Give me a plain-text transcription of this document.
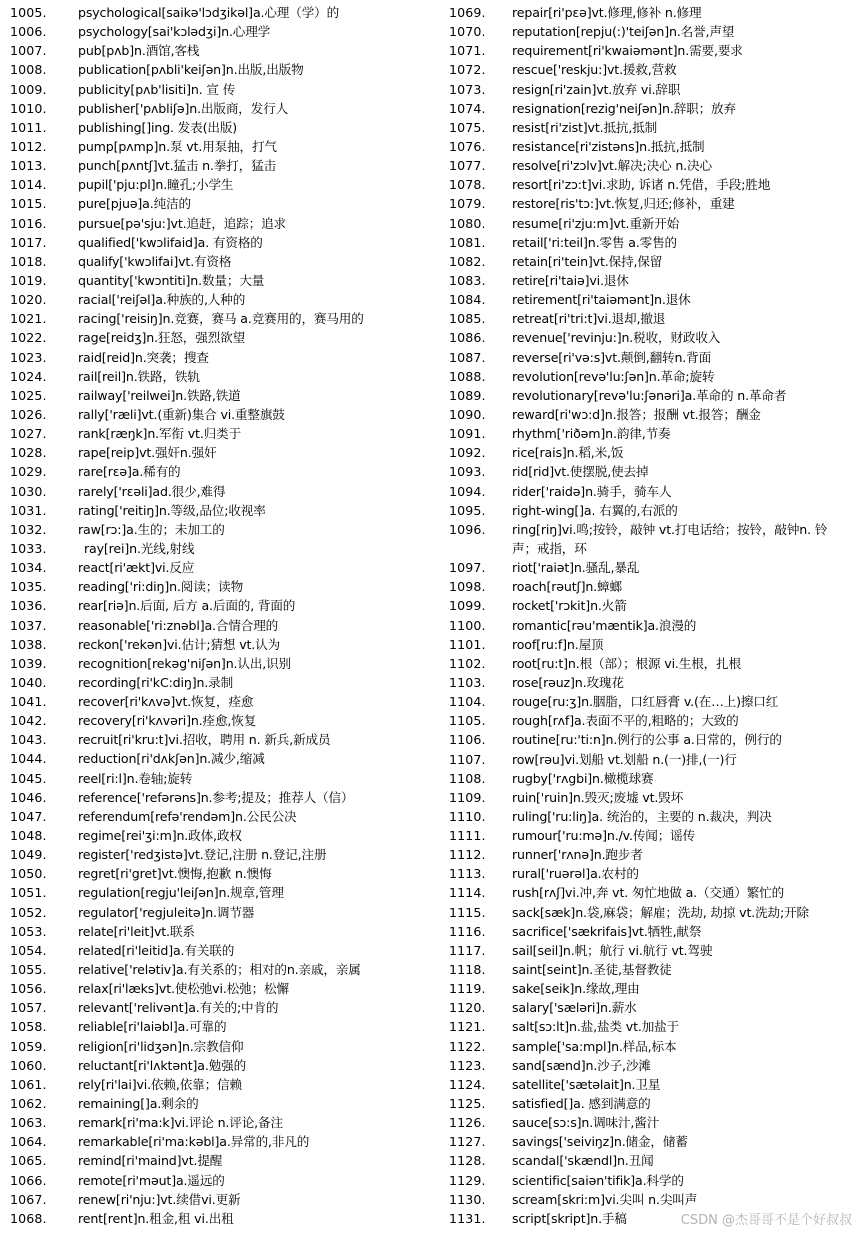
1005. psychological[saikə'lɔdʒikəl]a.心理（学）的
1006. psychology[sai'kɔlədʒi]n.心理学
1007. pub[pʌb]n.酒馆,客栈
1008. publication[pʌbli'keiʃən]n.出版,出版物
1009. publicity[pʌb'lisiti]n. 宣 传
1010. publisher['pʌbliʃə]n.出版商，发行人
1011. publishing[]ing. 发表(出版)
1012. pump[pʌmp]n.泵 vt.用泵抽，打气
1013. punch[pʌntʃ]vt.猛击 n.拳打，猛击
1014. pupil['pju:pl]n.瞳孔;小学生
1015. pure[pjuə]a.纯洁的
1016. pursue[pə'sju:]vt.追赶，追踪；追求
1017. qualified['kwɔlifaid]a. 有资格的
1018. qualify['kwɔlifai]vt.有资格
1019. quantity['kwɔntiti]n.数量；大量
1020. racial['reiʃəl]a.种族的,人种的
1021. racing['reisiŋ]n.竞赛，赛马 a.竞赛用的，赛马用的
1022. rage[reidʒ]n.狂怒，强烈欲望
1023. raid[reid]n.突袭；搜查
1024. rail[reil]n.铁路，铁轨
1025. railway['reilwei]n.铁路,铁道
1026. rally['ræli]vt.(重新)集合 vi.重整旗鼓
1027. rank[ræŋk]n.军衔 vt.归类于
1028. rape[reip]vt.强奸n.强奸
1029. rare[rεə]a.稀有的
1030. rarely['rεəli]ad.很少,难得
1031. rating['reitiŋ]n.等级,品位;收视率
1032. raw[rɔ:]a.生的；未加工的
1033.	ray[rei]n.光线,射线
1034. react[ri'ækt]vi.反应
1035. reading['ri:diŋ]n.阅读；读物
1036. rear[riə]n.后面, 后方 a.后面的, 背面的
1037. reasonable['ri:znəbl]a.合情合理的
1038. reckon['rekən]vi.估计;猜想 vt.认为
1039. recognition[rekəg'niʃən]n.认出,识别
1040. recording[ri'kC:diŋ]n.录制
1041. recover[ri'kʌvə]vt.恢复，痊愈
1042. recovery[ri'kʌvəri]n.痊愈,恢复
1043. recruit[ri'kru:t]vi.招收，聘用 n. 新兵,新成员
1044. reduction[ri'dʌkʃən]n.减少,缩减
1045. reel[ri:l]n.卷轴;旋转
1046. reference['refərəns]n.参考;提及；推荐人（信）
1047. referendum[refə'rendəm]n.公民公决
1048. regime[rei'ʒi:m]n.政体,政权
1049. register['redʒistə]vt.登记,注册 n.登记,注册
1050. regret[ri'gret]vt.懊悔,抱歉 n.懊悔
1051. regulation[regju'leiʃən]n.规章,管理
1052. regulator['regjuleitə]n.调节器
1053. relate[ri'leit]vt.联系
1054. related[ri'leitid]a.有关联的
1055. relative['relətiv]a.有关系的；相对的n.亲戚，亲属
1056. relax[ri'læks]vt.使松弛vi.松弛；松懈
1057. relevant['relivənt]a.有关的;中肯的
1058. reliable[ri'laiəbl]a.可靠的
1059. religion[ri'lidʒən]n.宗教信仰
1060. reluctant[ri'lʌktənt]a.勉强的
1061. rely[ri'lai]vi.依赖,依靠；信赖
1062. remaining[]a.剩余的
1063. remark[ri'ma:k]vi.评论 n.评论,备注
1064. remarkable[ri'ma:kəbl]a.异常的,非凡的
1065. remind[ri'maind]vt.提醒
1066. remote[ri'məut]a.遥远的
1067. renew[ri'nju:]vt.续借vi.更新
1068. rent[rent]n.租金,租 vi.出租
1069. repair[ri'pεə]vt.修理,修补 n.修理
1070. reputation[repju(:)'teiʃən]n.名誉,声望
1071. requirement[ri'kwaiəmənt]n.需要,要求
1072. rescue['reskju:]vt.援救,营救
1073. resign[ri'zain]vt.放弃 vi.辞职
1074. resignation[rezig'neiʃən]n.辞职；放弃
1075. resist[ri'zist]vt.抵抗,抵制
1076. resistance[ri'zistəns]n.抵抗,抵制
1077. resolve[ri'zɔlv]vt.解决;决心 n.决心
1078. resort[ri'zɔ:t]vi.求助, 诉诸 n.凭借，手段;胜地
1079. restore[ris'tɔ:]vt.恢复,归还;修补，重建
1080. resume[ri'zju:m]vt.重新开始
1081. retail['ri:teil]n.零售 a.零售的
1082. retain[ri'tein]vt.保持,保留
1083. retire[ri'taiə]vi.退休
1084. retirement[ri'taiəmənt]n.退休
1085. retreat[ri'tri:t]vi.退却,撤退
1086. revenue['revinju:]n.税收，财政收入
1087. reverse[ri'və:s]vt.颠倒,翻转n.背面
1088. revolution[revə'lu:ʃən]n.革命;旋转
1089. revolutionary[revə'lu:ʃənəri]a.革命的 n.革命者
1090. reward[ri'wɔ:d]n.报答；报酬 vt.报答；酬金
1091. rhythm['riðəm]n.韵律,节奏
1092. rice[rais]n.稻,米,饭
1093. rid[rid]vt.使摆脱,使去掉
1094. rider['raidə]n.骑手，骑车人
1095. right-wing[]a. 右翼的,右派的
1096. ring[riŋ]vi.鸣;按铃，敲钟 vt.打电话给；按铃，敲钟n. 铃声；戒指，环
1097. riot['raiət]n.骚乱,暴乱
1098. roach[rəutʃ]n.蟑螂
1099. rocket['rɔkit]n.火箭
1100. romantic[rəu'mæntik]a.浪漫的
1101. roof[ru:f]n.屋顶
1102. root[ru:t]n.根（部）；根源 vi.生根，扎根
1103. rose[rəuz]n.玫瑰花
1104. rouge[ru:ʒ]n.胭脂，口红唇膏 v.(在…上)擦口红
1105. rough[rʌf]a.表面不平的,粗略的；大致的
1106. routine[ru:'ti:n]n.例行的公事 a.日常的，例行的
1107. row[rəu]vi.划船 vt.划船 n.(一)排,(一)行
1108. rugby['rʌgbi]n.橄榄球赛
1109. ruin['ruin]n.毁灭;废墟 vt.毁坏
1110. ruling['ru:liŋ]a. 统治的，主要的 n.裁决，判决
1111. rumour['ru:mə]n./v.传闻；谣传
1112. runner['rʌnə]n.跑步者
1113. rural['ruərəl]a.农村的
1114. rush[rʌʃ]vi.冲,奔 vt. 匆忙地做 a.（交通）繁忙的
1115. sack[sæk]n.袋,麻袋；解雇；洗劫, 劫掠 vt.洗劫;开除
1116. sacrifice['sækrifais]vt.牺牲,献祭
1117. sail[seil]n.帆；航行 vi.航行 vt.驾驶
1118. saint[seint]n.圣徒,基督教徒
1119. sake[seik]n.缘故,理由
1120. salary['sæləri]n.薪水
1121. salt[sɔ:lt]n.盐,盐类 vt.加盐于
1122. sample['sa:mpl]n.样品,标本
1123. sand[sænd]n.沙子,沙滩
1124. satellite['sætəlait]n.卫星
1125. satisfied[]a. 感到满意的
1126. sauce[sɔ:s]n.调味汁,酱汁
1127. savings['seiviŋz]n.储金，储蓄
1128. scandal['skændl]n.丑闻
1129. scientific[saiən'tifik]a.科学的
1130. scream[skri:m]vi.尖叫 n.尖叫声
1131. script[skript]n.手稿	CSDN @杰哥哥不是个好叔叔
